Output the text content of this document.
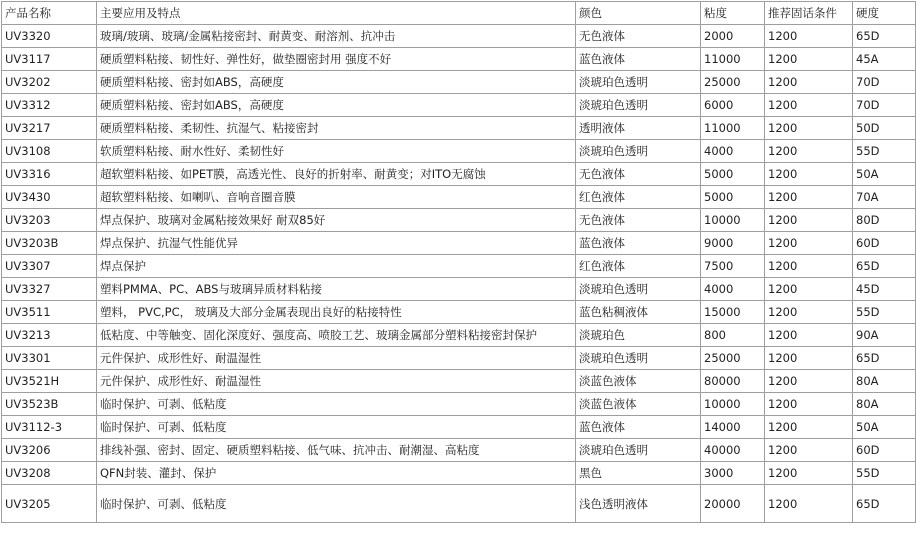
产品名称	主要应用及特点	颜色	粘度	推荐固话条件	硬度
UV3320	玻璃/玻璃、玻璃/金属粘接密封、耐黄变、耐溶剂、抗冲击	无色液体	2000	1200	65D
UV3117	硬质塑料粘接、韧性好、弹性好，做垫圈密封用 强度不好	蓝色液体	11000	1200	45A
UV3202	硬质塑料粘接、密封如ABS，高硬度	淡琥珀色透明	25000	1200	70D
UV3312	硬质塑料粘接、密封如ABS，高硬度	淡琥珀色透明	6000	1200	70D
UV3217	硬质塑料粘接、柔韧性、抗湿气、粘接密封	透明液体	11000	1200	50D
UV3108	软质塑料粘接、耐水性好、柔韧性好	淡琥珀色透明	4000	1200	55D
UV3316	超软塑料粘接、如PET膜，高透光性、良好的折射率、耐黄变；对ITO无腐蚀	无色液体	5000	1200	50A
UV3430	超软塑料粘接、如喇叭、音响音圈音膜	红色液体	5000	1200	70A
UV3203	焊点保护、玻璃对金属粘接效果好 耐双85好	无色液体	10000	1200	80D
UV3203B	焊点保护、抗湿气性能优异	蓝色液体	9000	1200	60D
UV3307	焊点保护	红色液体	7500	1200	65D
UV3327	塑料PMMA、PC、ABS与玻璃异质材料粘接	淡琥珀色透明	4000	1200	45D
UV3511	塑料， PVC,PC， 玻璃及大部分金属表现出良好的粘接特性	蓝色粘稠液体	15000	1200	55D
UV3213	低粘度、中等触变、固化深度好、强度高、喷胶工艺、玻璃金属部分塑料粘接密封保护	淡琥珀色	800	1200	90A
UV3301	元件保护、成形性好、耐温湿性	淡琥珀色透明	25000	1200	65D
UV3521H	元件保护、成形性好、耐温湿性	淡蓝色液体	80000	1200	80A
UV3523B	临时保护、可剥、低粘度	淡蓝色液体	10000	1200	80A
UV3112-3	临时保护、可剥、低粘度	蓝色液体	14000	1200	50A
UV3206	排线补强、密封、固定、硬质塑料粘接、低气味、抗冲击、耐潮湿、高粘度	淡琥珀色透明	40000	1200	60D
UV3208	QFN封装、灌封、保护	黑色	3000	1200	55D
UV3205	临时保护、可剥、低粘度	浅色透明液体	20000	1200	65D
